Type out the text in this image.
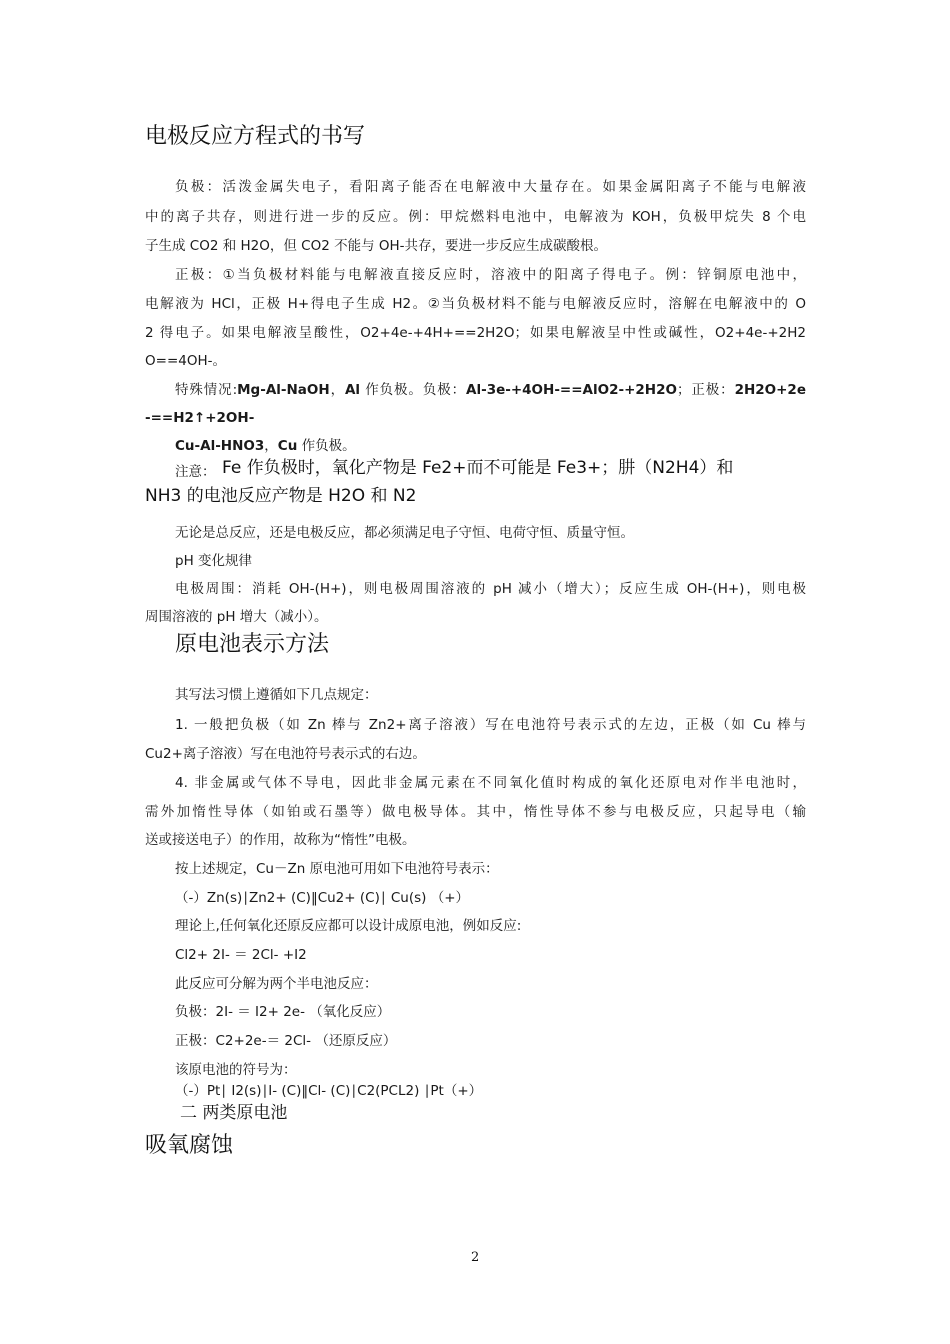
电极反应方程式的书写
负极：活泼金属失电子，看阳离子能否在电解液中大量存在。如果金属阳离子不能与电解液
中的离子共存，则进行进一步的反应。例：甲烷燃料电池中，电解液为 KOH，负极甲烷失 8 个电
子生成 CO2 和 H2O，但 CO2 不能与 OH-共存，要进一步反应生成碳酸根。
正极：①当负极材料能与电解液直接反应时，溶液中的阳离子得电子。例：锌铜原电池中，
电解液为 HCl，正极 H+得电子生成 H2。②当负极材料不能与电解液反应时，溶解在电解液中的 O
2 得电子。如果电解液呈酸性，O2+4e-+4H+==2H2O；如果电解液呈中性或碱性，O2+4e-+2H2
O==4OH-。
特殊情况:Mg-Al-NaOH，Al 作负极。负极：Al-3e-+4OH-==AlO2-+2H2O；正极：2H2O+2e
-==H2↑+2OH-
Cu-Al-HNO3，Cu 作负极。
注意： Fe 作负极时，氧化产物是 Fe2+而不可能是 Fe3+；肼（N2H4）和
NH3 的电池反应产物是 H2O 和 N2
无论是总反应，还是电极反应，都必须满足电子守恒、电荷守恒、质量守恒。
pH 变化规律
电极周围：消耗 OH-(H+)，则电极周围溶液的 pH 减小（增大）；反应生成 OH-(H+)，则电极
周围溶液的 pH 增大（减小）。
原电池表示方法
其写法习惯上遵循如下几点规定：
1. 一般把负极（如 Zn 棒与 Zn2+离子溶液）写在电池符号表示式的左边，正极（如 Cu 棒与
Cu2+离子溶液）写在电池符号表示式的右边。
4. 非金属或气体不导电，因此非金属元素在不同氧化值时构成的氧化还原电对作半电池时，
需外加惰性导体（如铂或石墨等）做电极导体。其中，惰性导体不参与电极反应，只起导电（输
送或接送电子）的作用，故称为“惰性”电极。
按上述规定，Cu－Zn 原电池可用如下电池符号表示：
（-）Zn(s)∣Zn2+ (C)‖Cu2+ (C)∣ Cu(s) （+）
理论上,任何氧化还原反应都可以设计成原电池，例如反应:
Cl2+ 2I- ＝ 2Cl- +I2
此反应可分解为两个半电池反应：
负极：2I- ＝ I2+ 2e- （氧化反应）
正极：C2+2e-＝ 2Cl- （还原反应）
该原电池的符号为：
（-）Pt∣ I2(s)∣I- (C)‖Cl- (C)∣C2(PCL2) ∣Pt（+）
二 两类原电池
吸氧腐蚀
2
